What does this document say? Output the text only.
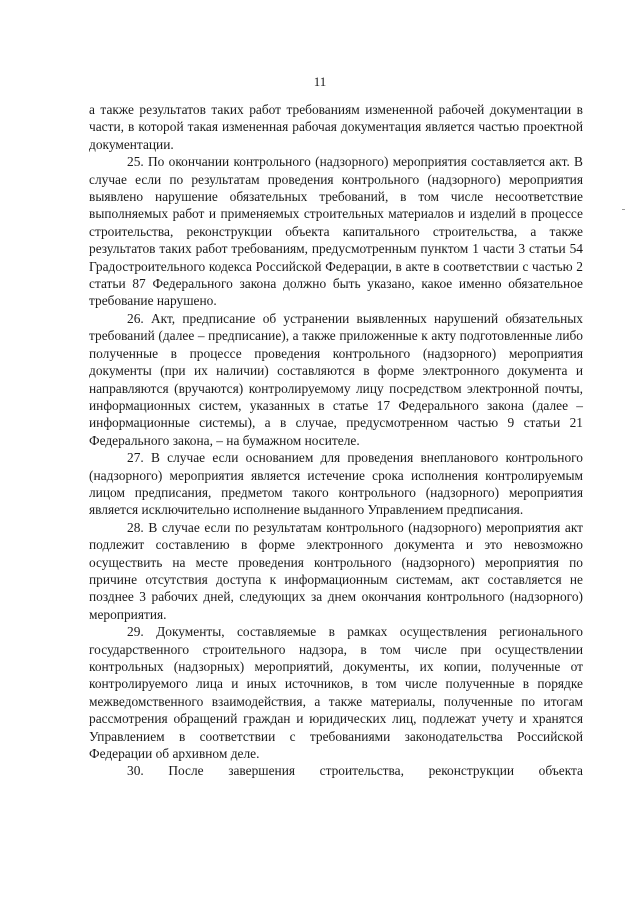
11

а также результатов таких работ требованиям измененной рабочей документации в части, в которой такая измененная рабочая документация является частью проектной документации.

25. По окончании контрольного (надзорного) мероприятия составляется акт. В случае если по результатам проведения контрольного (надзорного) мероприятия выявлено нарушение обязательных требований, в том числе несоответствие выполняемых работ и применяемых строительных материалов и изделий в процессе строительства, реконструкции объекта капитального строительства, а также результатов таких работ требованиям, предусмотренным пунктом 1 части 3 статьи 54 Градостроительного кодекса Российской Федерации, в акте в соответствии с частью 2 статьи 87 Федерального закона должно быть указано, какое именно обязательное требование нарушено.

26. Акт, предписание об устранении выявленных нарушений обязательных требований (далее – предписание), а также приложенные к акту подготовленные либо полученные в процессе проведения контрольного (надзорного) мероприятия документы (при их наличии) составляются в форме электронного документа и направляются (вручаются) контролируемому лицу посредством электронной почты, информационных систем, указанных в статье 17 Федерального закона (далее – информационные системы), а в случае, предусмотренном частью 9 статьи 21 Федерального закона, – на бумажном носителе.

27. В случае если основанием для проведения внепланового контрольного (надзорного) мероприятия является истечение срока исполнения контролируемым лицом предписания, предметом такого контрольного (надзорного) мероприятия является исключительно исполнение выданного Управлением предписания.

28. В случае если по результатам контрольного (надзорного) мероприятия акт подлежит составлению в форме электронного документа и это невозможно осуществить на месте проведения контрольного (надзорного) мероприятия по причине отсутствия доступа к информационным системам, акт составляется не позднее 3 рабочих дней, следующих за днем окончания контрольного (надзорного) мероприятия.

29. Документы, составляемые в рамках осуществления регионального государственного строительного надзора, в том числе при осуществлении контрольных (надзорных) мероприятий, документы, их копии, полученные от контролируемого лица и иных источников, в том числе полученные в порядке межведомственного взаимодействия, а также материалы, полученные по итогам рассмотрения обращений граждан и юридических лиц, подлежат учету и хранятся Управлением в соответствии с требованиями законодательства Российской Федерации об архивном деле.

30. После завершения строительства, реконструкции объекта
